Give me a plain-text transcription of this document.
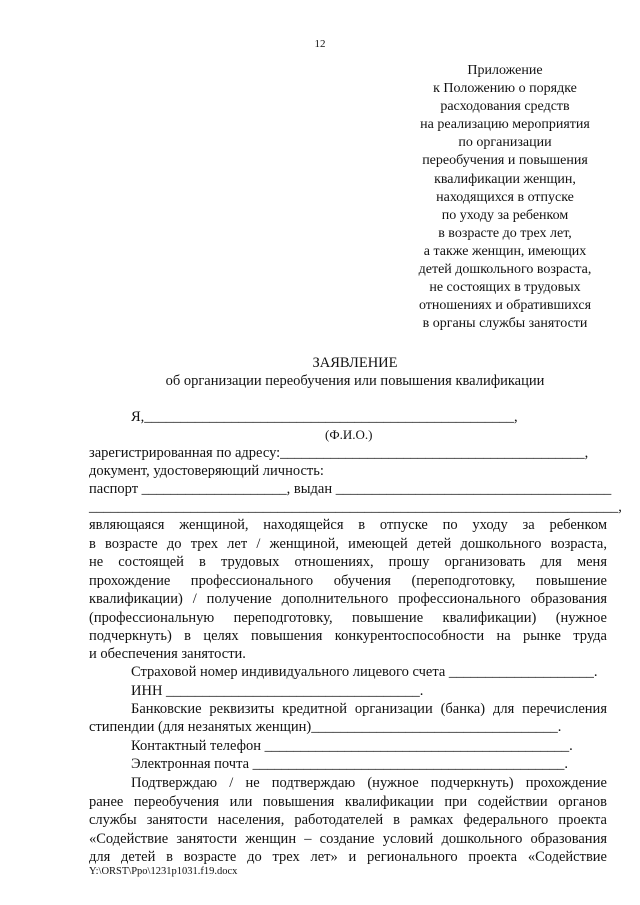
12
Приложение
к Положению о порядке
расходования средств
на реализацию мероприятия
по организации
переобучения и повышения
квалификации женщин,
находящихся в отпуске
по уходу за ребенком
в возрасте до трех лет,
а также женщин, имеющих
детей дошкольного возраста,
не состоящих в трудовых
отношениях и обратившихся
в органы службы занятости
ЗАЯВЛЕНИЕ
об организации переобучения или повышения квалификации
Я,___________________________________________________,
(Ф.И.О.)
зарегистрированная по адресу:__________________________________________,
документ, удостоверяющий личность:
паспорт ____________________, выдан ______________________________________
_________________________________________________________________________,
являющаяся женщиной, находящейся в отпуске по уходу за ребенком
в возрасте до трех лет / женщиной, имеющей детей дошкольного возраста,
не состоящей в трудовых отношениях, прошу организовать для меня
прохождение профессионального обучения (переподготовку, повышение
квалификации) / получение дополнительного профессионального образования
(профессиональную переподготовку, повышение квалификации) (нужное
подчеркнуть) в целях повышения конкурентоспособности на рынке труда
и обеспечения занятости.
Страховой номер индивидуального лицевого счета ____________________.
ИНН ___________________________________.
Банковские реквизиты кредитной организации (банка) для перечисления
стипендии (для незанятых женщин)__________________________________.
Контактный телефон __________________________________________.
Электронная почта ___________________________________________.
Подтверждаю / не подтверждаю (нужное подчеркнуть) прохождение
ранее переобучения или повышения квалификации при содействии органов
службы занятости населения, работодателей в рамках федерального проекта
«Содействие занятости женщин – создание условий дошкольного образования
для детей в возрасте до трех лет» и регионального проекта «Содействие
Y:\ORST\Ppo\1231p1031.f19.docx
